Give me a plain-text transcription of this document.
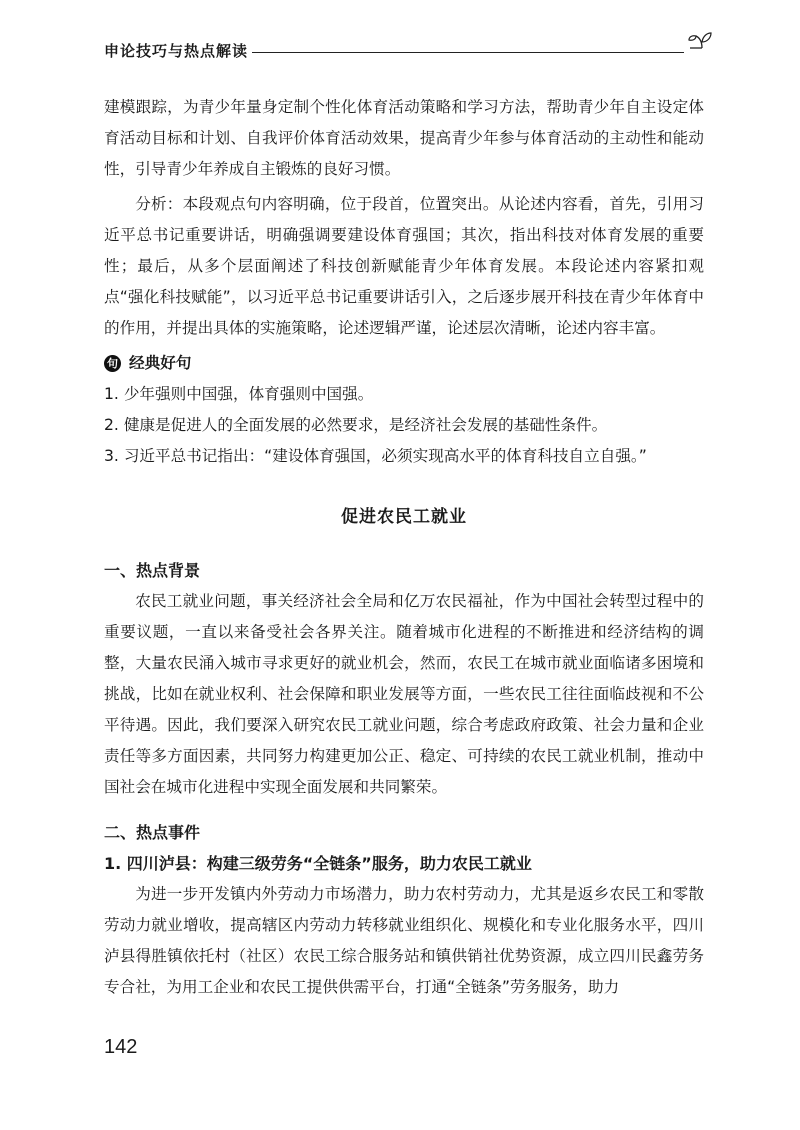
申论技巧与热点解读

建模跟踪，为青少年量身定制个性化体育活动策略和学习方法，帮助青少年自主设定体育活动目标和计划、自我评价体育活动效果，提高青少年参与体育活动的主动性和能动性，引导青少年养成自主锻炼的良好习惯。

分析：本段观点句内容明确，位于段首，位置突出。从论述内容看，首先，引用习近平总书记重要讲话，明确强调要建设体育强国；其次，指出科技对体育发展的重要性；最后，从多个层面阐述了科技创新赋能青少年体育发展。本段论述内容紧扣观点“强化科技赋能”，以习近平总书记重要讲话引入，之后逐步展开科技在青少年体育中的作用，并提出具体的实施策略，论述逻辑严谨，论述层次清晰，论述内容丰富。

句 经典好句
1. 少年强则中国强，体育强则中国强。
2. 健康是促进人的全面发展的必然要求，是经济社会发展的基础性条件。
3. 习近平总书记指出：“建设体育强国，必须实现高水平的体育科技自立自强。”
促进农民工就业
一、热点背景

农民工就业问题，事关经济社会全局和亿万农民福祉，作为中国社会转型过程中的重要议题，一直以来备受社会各界关注。随着城市化进程的不断推进和经济结构的调整，大量农民涌入城市寻求更好的就业机会，然而，农民工在城市就业面临诸多困境和挑战，比如在就业权利、社会保障和职业发展等方面，一些农民工往往面临歧视和不公平待遇。因此，我们要深入研究农民工就业问题，综合考虑政府政策、社会力量和企业责任等多方面因素，共同努力构建更加公正、稳定、可持续的农民工就业机制，推动中国社会在城市化进程中实现全面发展和共同繁荣。

二、热点事件
1. 四川泸县：构建三级劳务“全链条”服务，助力农民工就业

为进一步开发镇内外劳动力市场潜力，助力农村劳动力，尤其是返乡农民工和零散劳动力就业增收，提高辖区内劳动力转移就业组织化、规模化和专业化服务水平，四川泸县得胜镇依托村（社区）农民工综合服务站和镇供销社优势资源，成立四川民鑫劳务专合社，为用工企业和农民工提供供需平台，打通“全链条”劳务服务，助力

142
